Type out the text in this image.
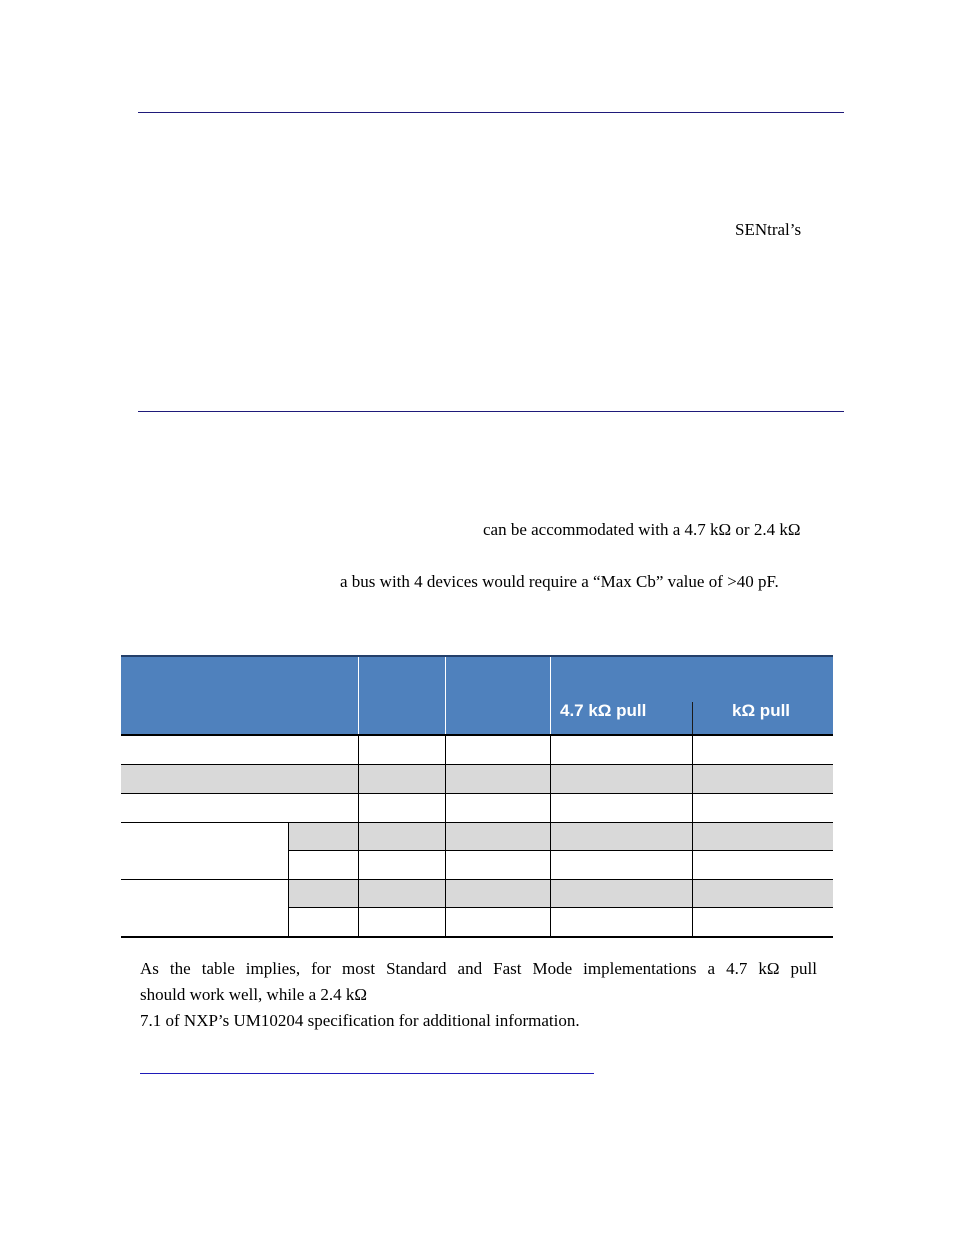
SENtral’s
can be accommodated with a 4.7 kΩ or 2.4 kΩ
a bus with 4 devices would require a “Max Cb” value of >40 pF.
4.7 kΩ pull	kΩ pull
As the table implies, for most Standard and Fast Mode implementations a 4.7 kΩ pull
should work well, while a 2.4 kΩ
7.1 of NXP’s UM10204 specification for additional information.
